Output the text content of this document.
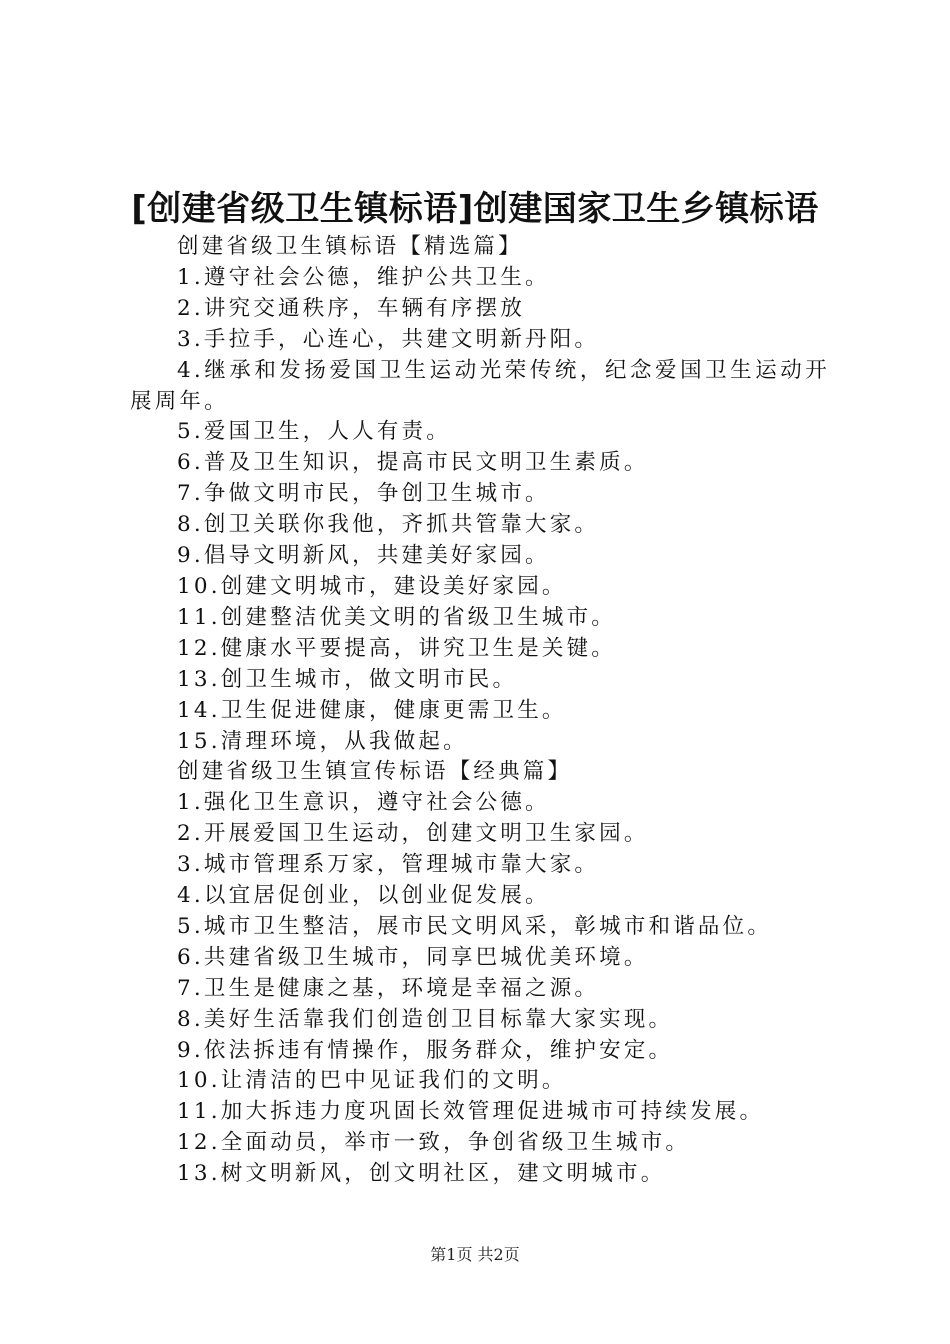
[创建省级卫生镇标语]创建国家卫生乡镇标语
创建省级卫生镇标语【精选篇】
1.遵守社会公德，维护公共卫生。
2.讲究交通秩序，车辆有序摆放
3.手拉手，心连心，共建文明新丹阳。
4.继承和发扬爱国卫生运动光荣传统，纪念爱国卫生运动开展周年。
5.爱国卫生，人人有责。
6.普及卫生知识，提高市民文明卫生素质。
7.争做文明市民，争创卫生城市。
8.创卫关联你我他，齐抓共管靠大家。
9.倡导文明新风，共建美好家园。
10.创建文明城市，建设美好家园。
11.创建整洁优美文明的省级卫生城市。
12.健康水平要提高，讲究卫生是关键。
13.创卫生城市，做文明市民。
14.卫生促进健康，健康更需卫生。
15.清理环境，从我做起。
创建省级卫生镇宣传标语【经典篇】
1.强化卫生意识，遵守社会公德。
2.开展爱国卫生运动，创建文明卫生家园。
3.城市管理系万家，管理城市靠大家。
4.以宜居促创业，以创业促发展。
5.城市卫生整洁，展市民文明风采，彰城市和谐品位。
6.共建省级卫生城市，同享巴城优美环境。
7.卫生是健康之基，环境是幸福之源。
8.美好生活靠我们创造创卫目标靠大家实现。
9.依法拆违有情操作，服务群众，维护安定。
10.让清洁的巴中见证我们的文明。
11.加大拆违力度巩固长效管理促进城市可持续发展。
12.全面动员，举市一致，争创省级卫生城市。
13.树文明新风，创文明社区，建文明城市。
第1页 共2页
